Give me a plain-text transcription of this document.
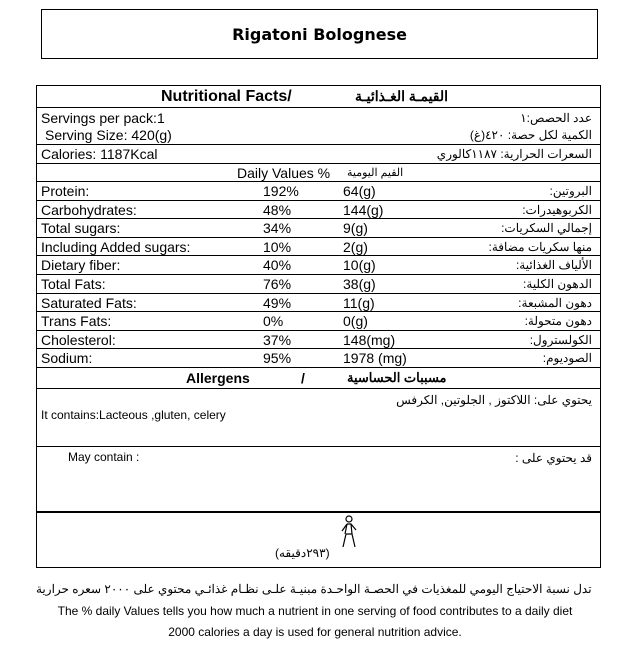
Rigatoni Bolognese
Nutritional Facts/	القيمـة الغـذائيـة
Servings per pack:1	عدد الحصص:١
Serving Size: 420(g)	الكمية لكل حصة: ٤٢٠(غ)
Calories: 1187Kcal	السعرات الحرارية: ١١٨٧كالوري
Daily Values % القيم اليومية
Protein:	192%	64(g)	البروتين:
Carbohydrates:	48%	144(g)	الكربوهيدرات:
Total sugars:	34%	9(g)	إجمالي السكريات:
Including Added sugars:	10%	2(g)	منها سكريات مضافة:
Dietary fiber:	40%	10(g)	الألياف الغذائية:
Total Fats:	76%	38(g)	الدهون الكلية:
Saturated Fats:	49%	11(g)	دهون المشبعة:
Trans Fats:	0%	0(g)	دهون متحولة:
Cholesterol:	37%	148(mg)	الكولسترول:
Sodium:	95%	1978 (mg)	الصوديوم:
Allergens	/	مسببات الحساسية
يحتوي على: اللاكتوز , الجلوتين, الكرفس
It contains:Lacteous ,gluten, celery
May contain :	قد يحتوي على :
(٢٩٣دقيقه)
تدل نسبة الاحتياج اليومي للمغذيات في الحصـة الواحـدة مبنيـة علـى نظـام غذائـي محتوي على ٢٠٠٠ سعره حرارية
The % daily Values tells you how much a nutrient in one serving of food contributes to a daily diet
2000 calories a day is used for general nutrition advice.
